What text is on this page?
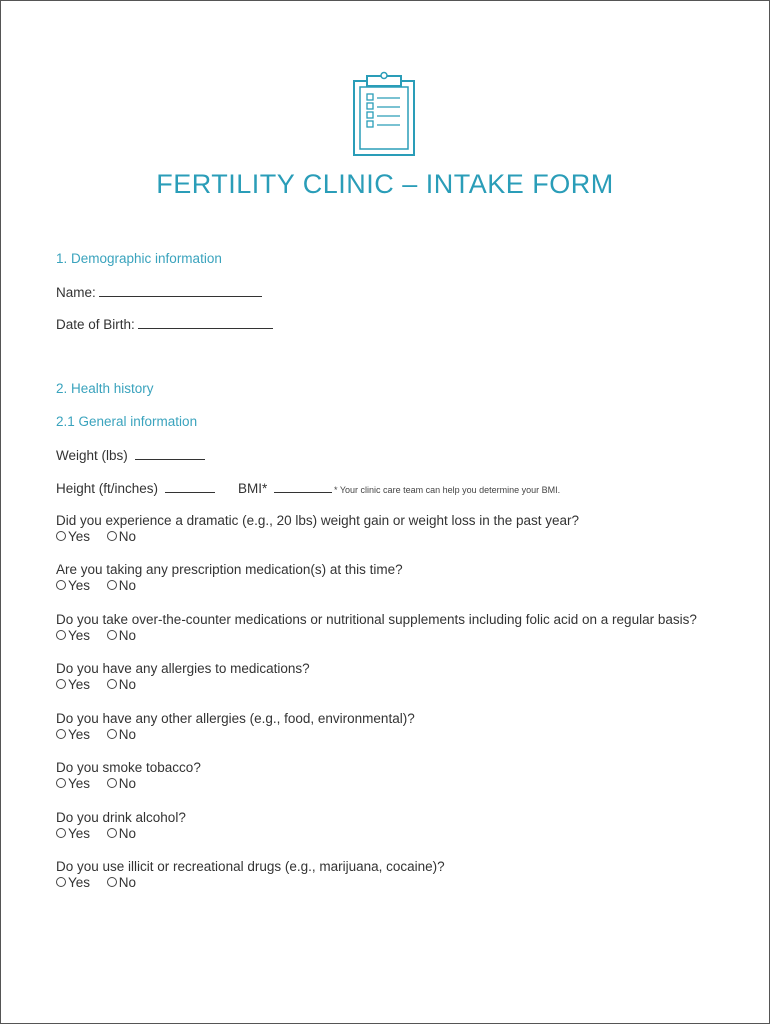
FERTILITY CLINIC – INTAKE FORM
1. Demographic information
Name:
Date of Birth:
2. Health history
2.1 General information
Weight (lbs)
Height (ft/inches)	BMI*	* Your clinic care team can help you determine your BMI.
Did you experience a dramatic (e.g., 20 lbs) weight gain or weight loss in the past year?
Yes No
Are you taking any prescription medication(s) at this time?
Yes No
Do you take over-the-counter medications or nutritional supplements including folic acid on a regular basis?
Yes No
Do you have any allergies to medications?
Yes No
Do you have any other allergies (e.g., food, environmental)?
Yes No
Do you smoke tobacco?
Yes No
Do you drink alcohol?
Yes No
Do you use illicit or recreational drugs (e.g., marijuana, cocaine)?
Yes No
